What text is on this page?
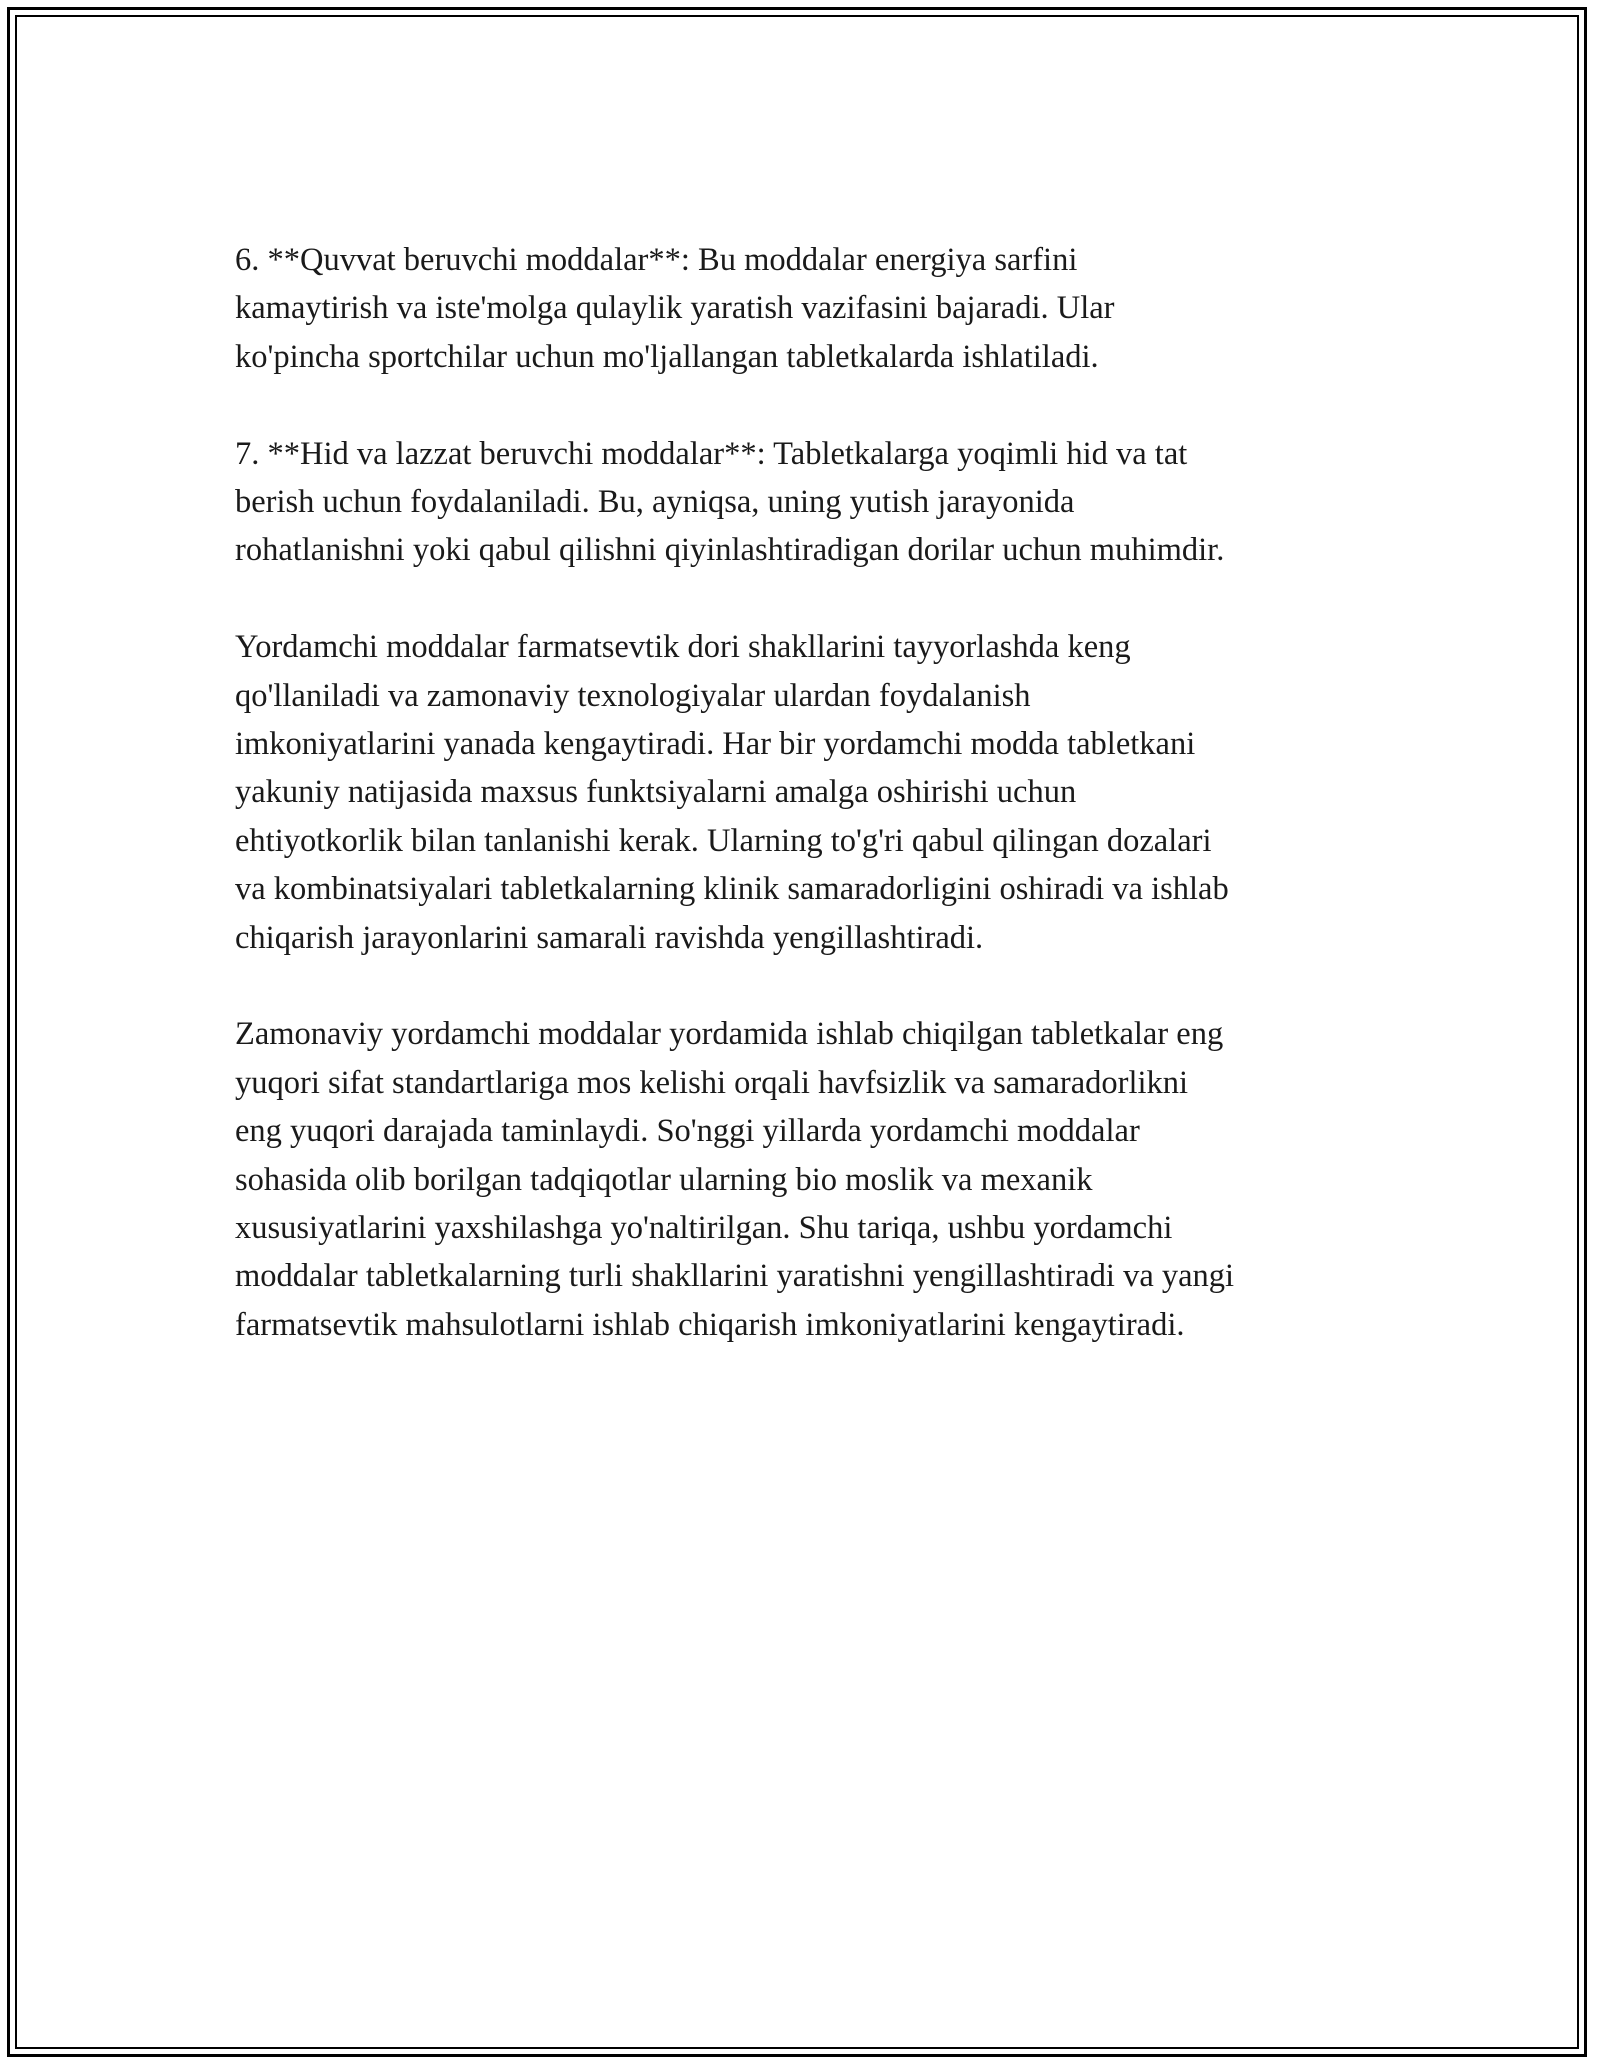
6. **Quvvat beruvchi moddalar**: Bu moddalar energiya sarfini
kamaytirish va iste'molga qulaylik yaratish vazifasini bajaradi. Ular
ko'pincha sportchilar uchun mo'ljallangan tabletkalarda ishlatiladi.

7. **Hid va lazzat beruvchi moddalar**: Tabletkalarga yoqimli hid va tat
berish uchun foydalaniladi. Bu, ayniqsa, uning yutish jarayonida
rohatlanishni yoki qabul qilishni qiyinlashtiradigan dorilar uchun muhimdir.

Yordamchi moddalar farmatsevtik dori shakllarini tayyorlashda keng
qo'llaniladi va zamonaviy texnologiyalar ulardan foydalanish
imkoniyatlarini yanada kengaytiradi. Har bir yordamchi modda tabletkani
yakuniy natijasida maxsus funktsiyalarni amalga oshirishi uchun
ehtiyotkorlik bilan tanlanishi kerak. Ularning to'g'ri qabul qilingan dozalari
va kombinatsiyalari tabletkalarning klinik samaradorligini oshiradi va ishlab
chiqarish jarayonlarini samarali ravishda yengillashtiradi.

Zamonaviy yordamchi moddalar yordamida ishlab chiqilgan tabletkalar eng
yuqori sifat standartlariga mos kelishi orqali havfsizlik va samaradorlikni
eng yuqori darajada taminlaydi. So'nggi yillarda yordamchi moddalar
sohasida olib borilgan tadqiqotlar ularning bio moslik va mexanik
xususiyatlarini yaxshilashga yo'naltirilgan. Shu tariqa, ushbu yordamchi
moddalar tabletkalarning turli shakllarini yaratishni yengillashtiradi va yangi
farmatsevtik mahsulotlarni ishlab chiqarish imkoniyatlarini kengaytiradi.
